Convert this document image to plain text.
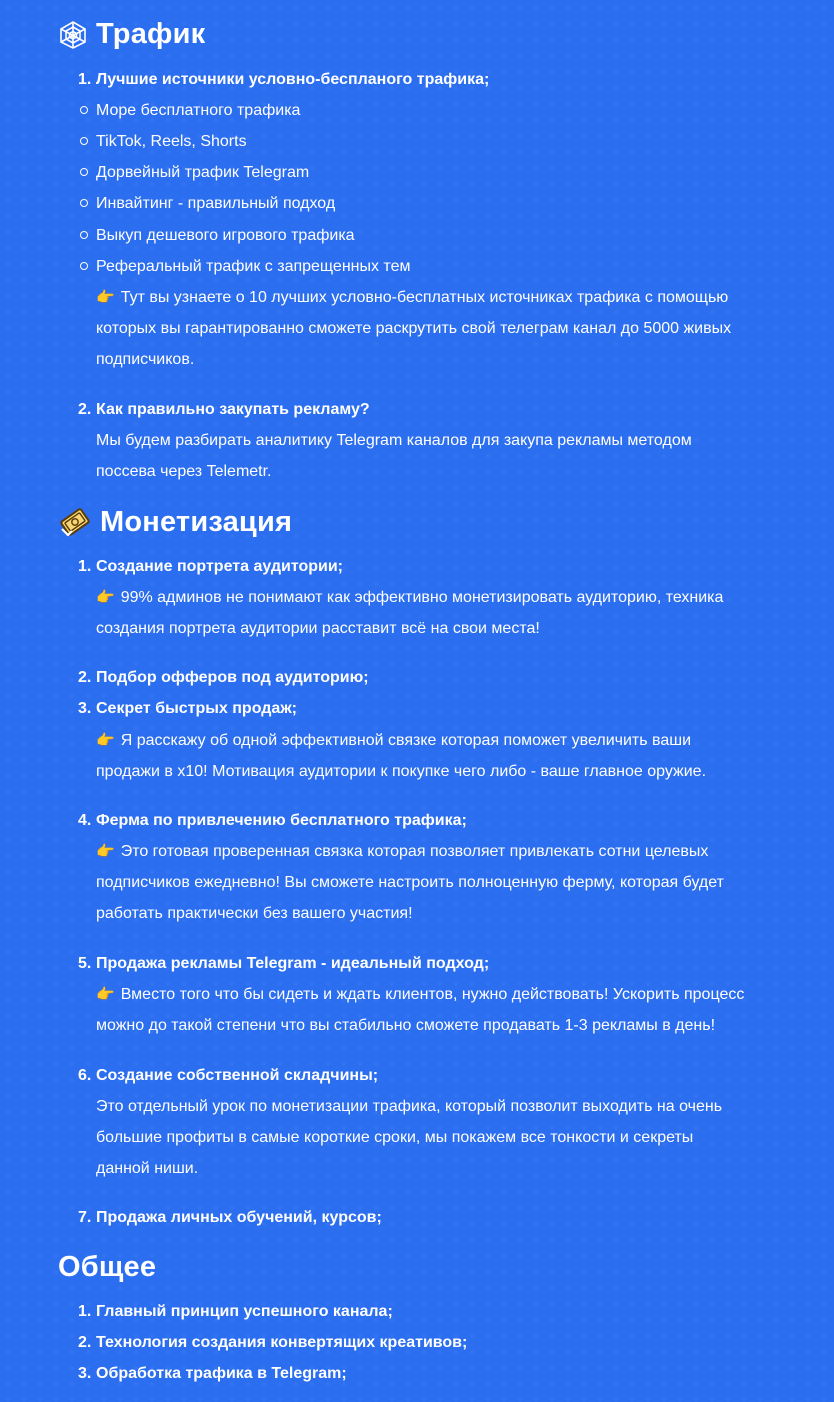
Трафик
1. Лучшие источники условно-беспланого трафика;
Море бесплатного трафика
TikTok, Reels, Shorts
Дорвейный трафик Telegram
Инвайтинг - правильный подход
Выкуп дешевого игрового трафика
Реферальный трафик с запрещенных тем
👉 Тут вы узнаете о 10 лучших условно-бесплатных источниках трафика с помощью
которых вы гарантированно сможете раскрутить свой телеграм канал до 5000 живых
подписчиков.
2. Как правильно закупать рекламу?
Мы будем разбирать аналитику Telegram каналов для закупа рекламы методом
поссева через Telemetr.
Монетизация
1. Создание портрета аудитории;
👉 99% админов не понимают как эффективно монетизировать аудиторию, техника
создания портрета аудитории расставит всё на свои места!
2. Подбор офферов под аудиторию;
3. Секрет быстрых продаж;
👉 Я расскажу об одной эффективной связке которая поможет увеличить ваши
продажи в х10! Мотивация аудитории к покупке чего либо - ваше главное оружие.
4. Ферма по привлечению бесплатного трафика;
👉 Это готовая проверенная связка которая позволяет привлекать сотни целевых
подписчиков ежедневно! Вы сможете настроить полноценную ферму, которая будет
работать практически без вашего участия!
5. Продажа рекламы Telegram - идеальный подход;
👉 Вместо того что бы сидеть и ждать клиентов, нужно действовать! Ускорить процесс
можно до такой степени что вы стабильно сможете продавать 1-3 рекламы в день!
6. Создание собственной складчины;
Это отдельный урок по монетизации трафика, который позволит выходить на очень
большие профиты в самые короткие сроки, мы покажем все тонкости и секреты
данной ниши.
7. Продажа личных обучений, курсов;
Общее
1. Главный принцип успешного канала;
2. Технология создания конвертящих креативов;
3. Обработка трафика в Telegram;
